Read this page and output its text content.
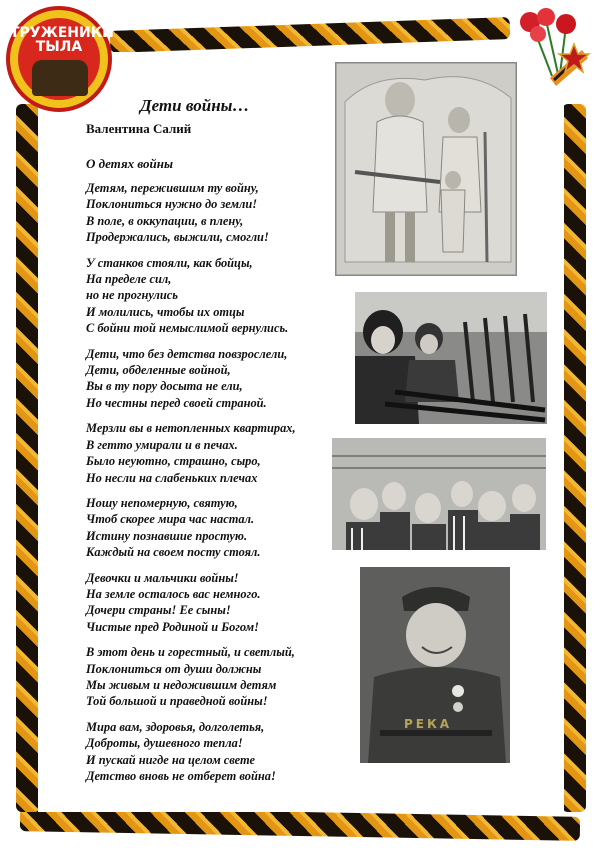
ТРУЖЕНИКИ
ТЫЛА
Дети войны…
Валентина Салий
О детях войны
Детям, пережившим ту войну,
Поклониться нужно до земли!
В поле, в оккупации, в плену,
Продержались, выжили, смогли!
У станков стояли, как бойцы,
На пределе сил,
но не прогнулись
И молились, чтобы их отцы
С бойни той немыслимой вернулись.
Дети, что без детства повзрослели,
Дети, обделенные войной,
Вы в ту пору досыта не ели,
Но честны перед своей страной.
Мерзли вы в нетопленных квартирах,
В гетто умирали и в печах.
Было неуютно, страшно, сыро,
Но несли на слабеньких плечах
Ношу непомерную, святую,
Чтоб скорее мира час настал.
Истину познавшие простую.
Каждый на своем посту стоял.
Девочки и мальчики войны!
На земле осталось вас немного.
Дочери страны! Ее сыны!
Чистые пред Родиной и Богом!
В этот день и горестный, и светлый,
Поклониться от души должны
Мы живым и недожившим детям
Той большой и праведной войны!
Мира вам, здоровья, долголетья,
Доброты, душевного тепла!
И пускай нигде на целом свете
Детство вновь не отберет война!
РЕКА
